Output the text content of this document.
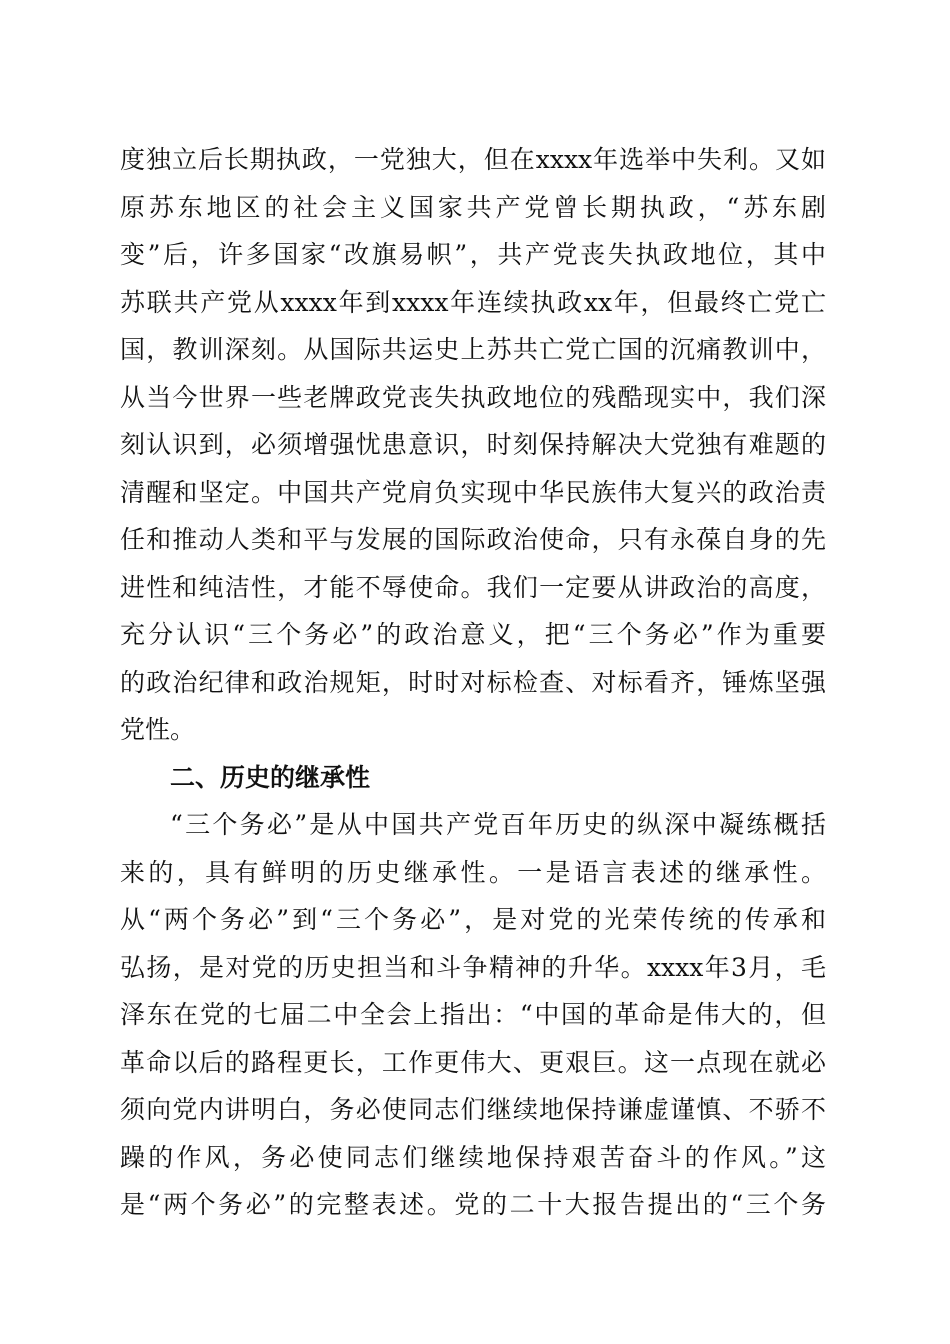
度独立后长期执政，一党独大，但在xxxx年选举中失利。又如
原苏东地区的社会主义国家共产党曾长期执政，“苏东剧
变”后，许多国家“改旗易帜”，共产党丧失执政地位，其中
苏联共产党从xxxx年到xxxx年连续执政xx年，但最终亡党亡
国，教训深刻。从国际共运史上苏共亡党亡国的沉痛教训中，
从当今世界一些老牌政党丧失执政地位的残酷现实中，我们深
刻认识到，必须增强忧患意识，时刻保持解决大党独有难题的
清醒和坚定。中国共产党肩负实现中华民族伟大复兴的政治责
任和推动人类和平与发展的国际政治使命，只有永葆自身的先
进性和纯洁性，才能不辱使命。我们一定要从讲政治的高度，
充分认识“三个务必”的政治意义，把“三个务必”作为重要
的政治纪律和政治规矩，时时对标检查、对标看齐，锤炼坚强
党性。
二、历史的继承性
“三个务必”是从中国共产党百年历史的纵深中凝练概括
来的，具有鲜明的历史继承性。一是语言表述的继承性。
从“两个务必”到“三个务必”，是对党的光荣传统的传承和
弘扬，是对党的历史担当和斗争精神的升华。xxxx年3月，毛
泽东在党的七届二中全会上指出：“中国的革命是伟大的，但
革命以后的路程更长，工作更伟大、更艰巨。这一点现在就必
须向党内讲明白，务必使同志们继续地保持谦虚谨慎、不骄不
躁的作风，务必使同志们继续地保持艰苦奋斗的作风。”这
是“两个务必”的完整表述。党的二十大报告提出的“三个务
